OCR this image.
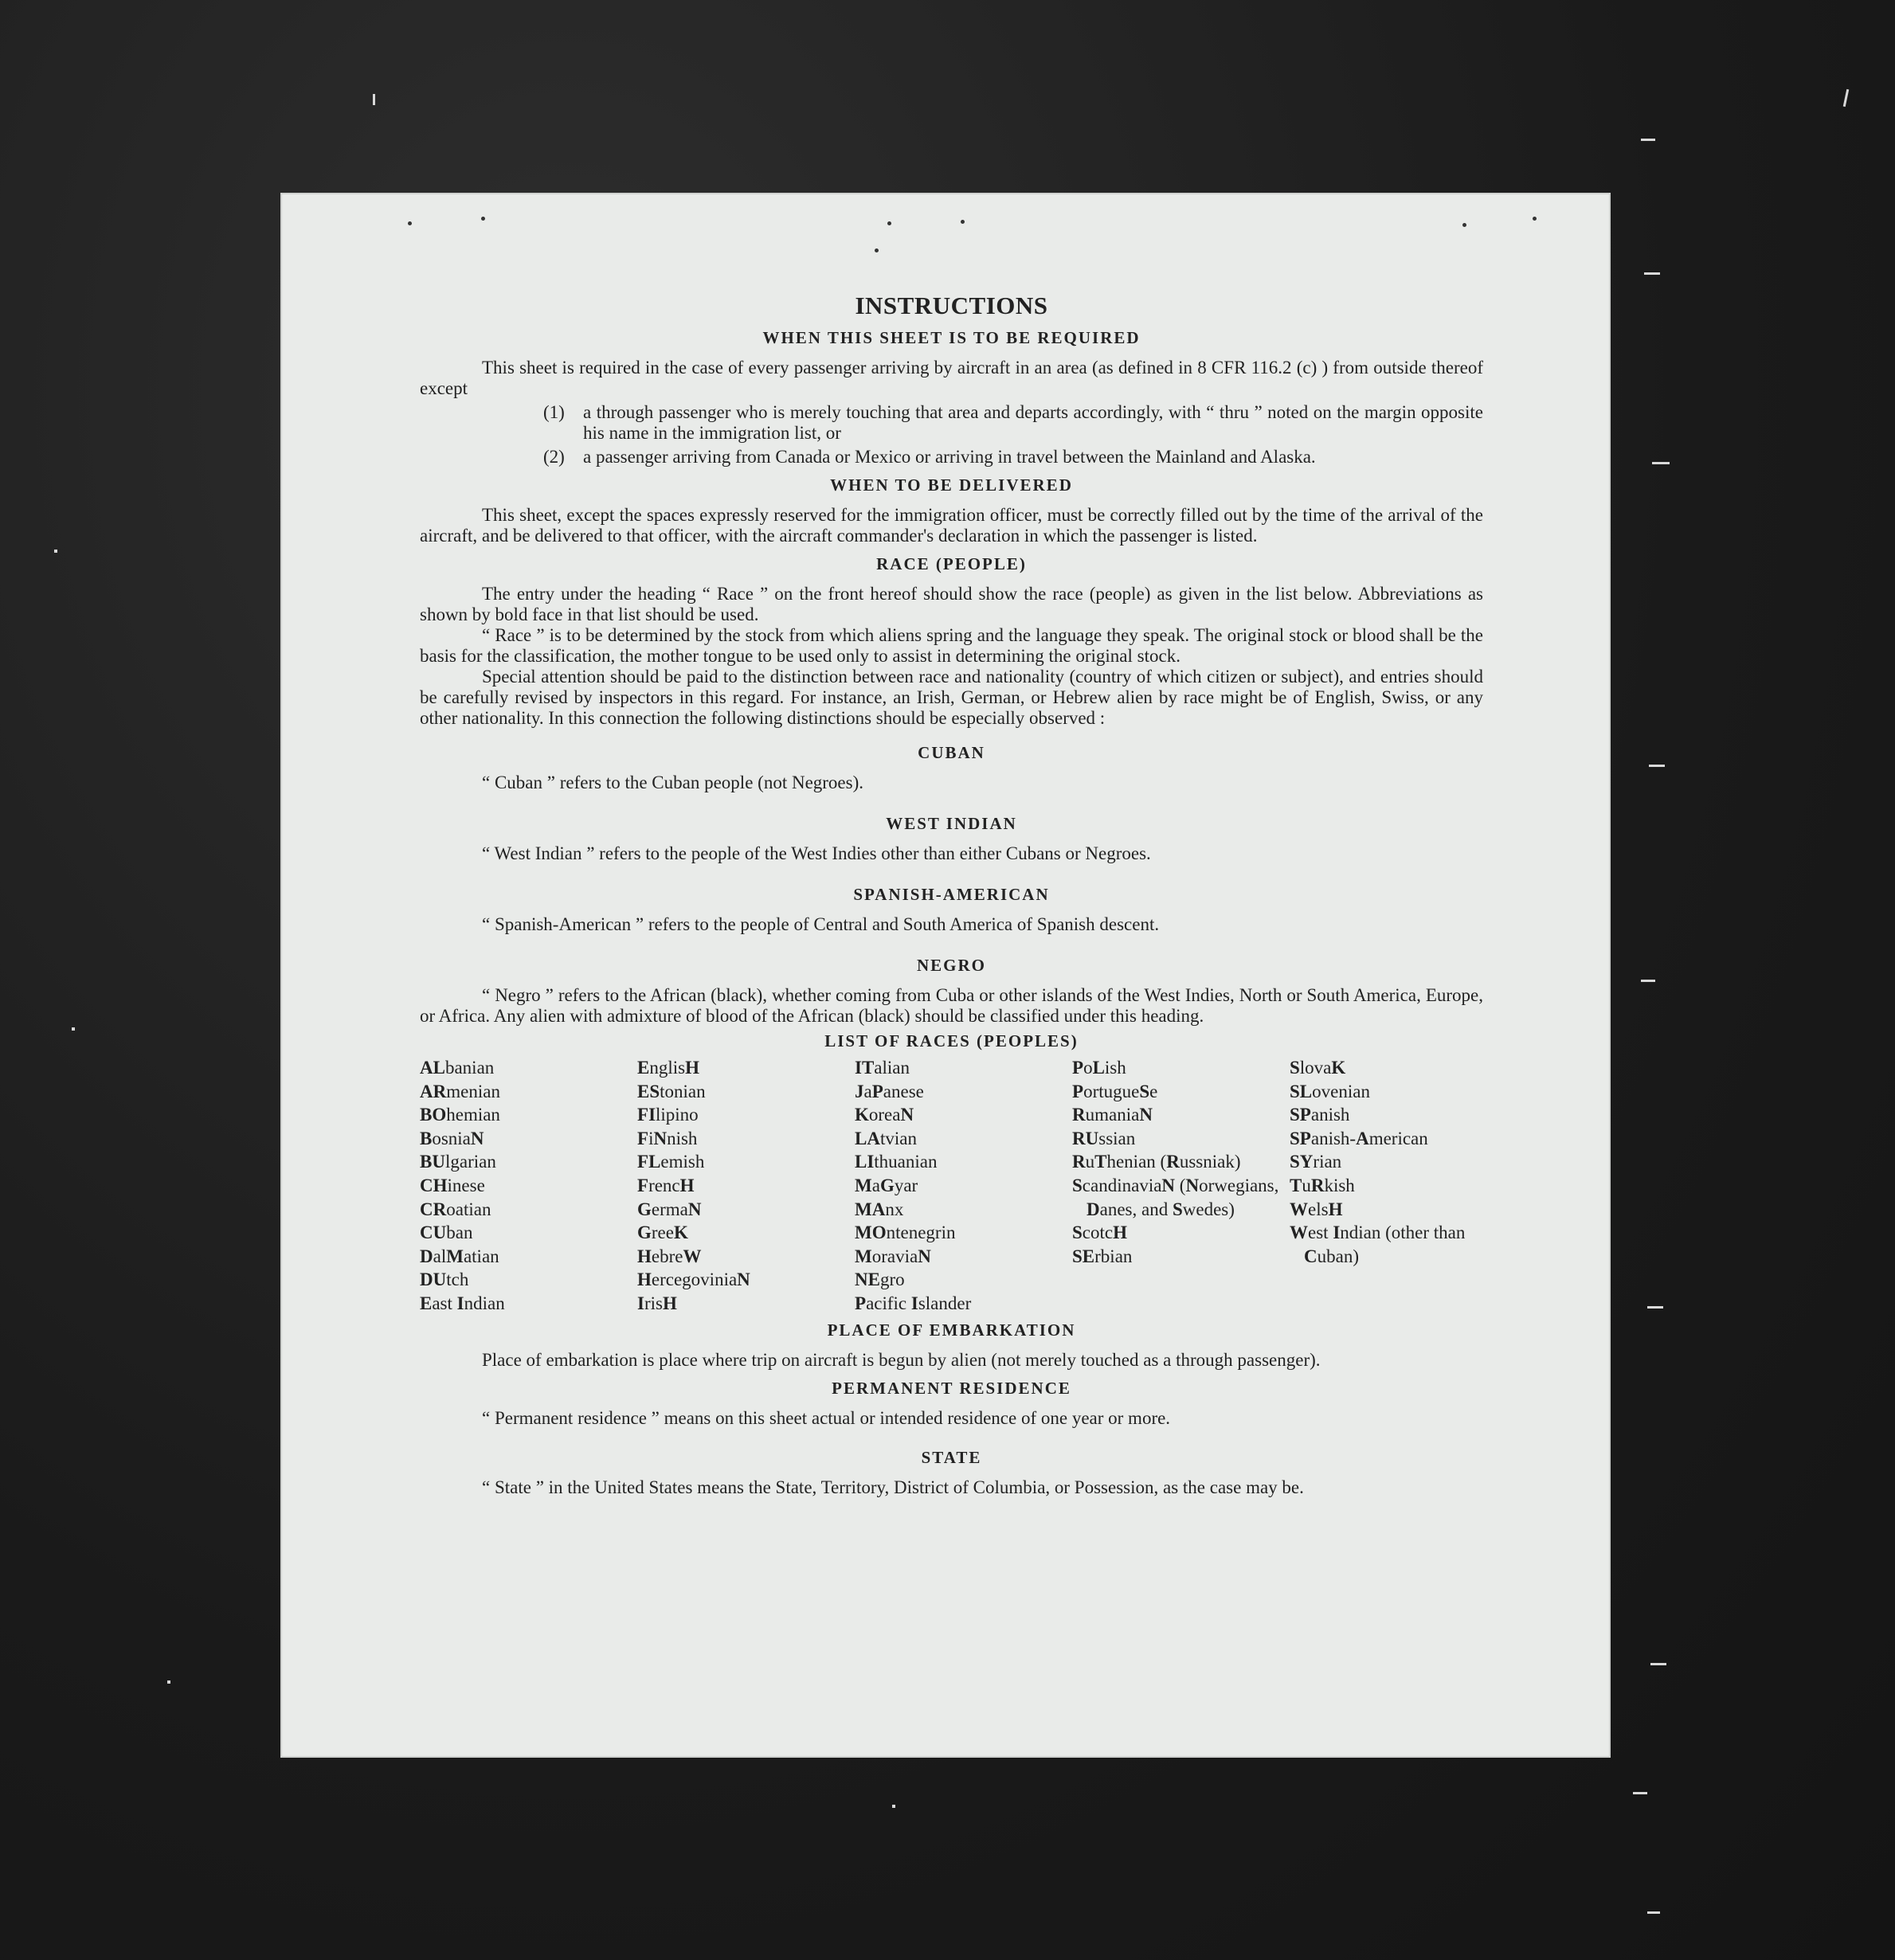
INSTRUCTIONS
WHEN THIS SHEET IS TO BE REQUIRED

This sheet is required in the case of every passenger arriving by aircraft in an area (as defined in 8 CFR 116.2 (c) ) from outside thereof except

(1)	a through passenger who is merely touching that area and departs accordingly, with “ thru ” noted on the margin opposite his name in the immigration list, or
(2)	a passenger arriving from Canada or Mexico or arriving in travel between the Mainland and Alaska.
WHEN TO BE DELIVERED

This sheet, except the spaces expressly reserved for the immigration officer, must be correctly filled out by the time of the arrival of the aircraft, and be delivered to that officer, with the aircraft commander's declaration in which the passenger is listed.

RACE (PEOPLE)

The entry under the heading “ Race ” on the front hereof should show the race (people) as given in the list below. Abbreviations as shown by bold face in that list should be used.

“ Race ” is to be determined by the stock from which aliens spring and the language they speak. The original stock or blood shall be the basis for the classification, the mother tongue to be used only to assist in determining the original stock.

Special attention should be paid to the distinction between race and nationality (country of which citizen or subject), and entries should be carefully revised by inspectors in this regard. For instance, an Irish, German, or Hebrew alien by race might be of English, Swiss, or any other nationality. In this connection the following distinctions should be especially observed :

CUBAN
“ Cuban ” refers to the Cuban people (not Negroes).
WEST INDIAN
“ West Indian ” refers to the people of the West Indies other than either Cubans or Negroes.
SPANISH-AMERICAN
“ Spanish-American ” refers to the people of Central and South America of Spanish descent.
NEGRO

“ Negro ” refers to the African (black), whether coming from Cuba or other islands of the West Indies, North or South America, Europe, or Africa. Any alien with admixture of blood of the African (black) should be classified under this heading.

LIST OF RACES (PEOPLES)
ALbanian
ARmenian
BOhemian
BosniaN
BUlgarian
CHinese
CRoatian
CUban
DalMatian
DUtch
East Indian
EnglisH
EStonian
FIlipino
FiNnish
FLemish
FrencH
GermaN
GreeK
HebreW
HercegoviniaN
IrisH
ITalian
JaPanese
KoreaN
LAtvian
LIthuanian
MaGyar
MAnx
MOntenegrin
MoraviaN
NEgro
Pacific Islander
PoLish
PortugueSe
RumaniaN
RUssian
RuThenian (Russniak)
ScandinaviaN (Norwegians, Danes, and Swedes)
ScotcH
SErbian
SlovaK
SLovenian
SPanish
SPanish-American
SYrian
TuRkish
WelsH
West Indian (other than Cuban)
PLACE OF EMBARKATION

Place of embarkation is place where trip on aircraft is begun by alien (not merely touched as a through passenger).

PERMANENT RESIDENCE
“ Permanent residence ” means on this sheet actual or intended residence of one year or more.
STATE

“ State ” in the United States means the State, Territory, District of Columbia, or Possession, as the case may be.
